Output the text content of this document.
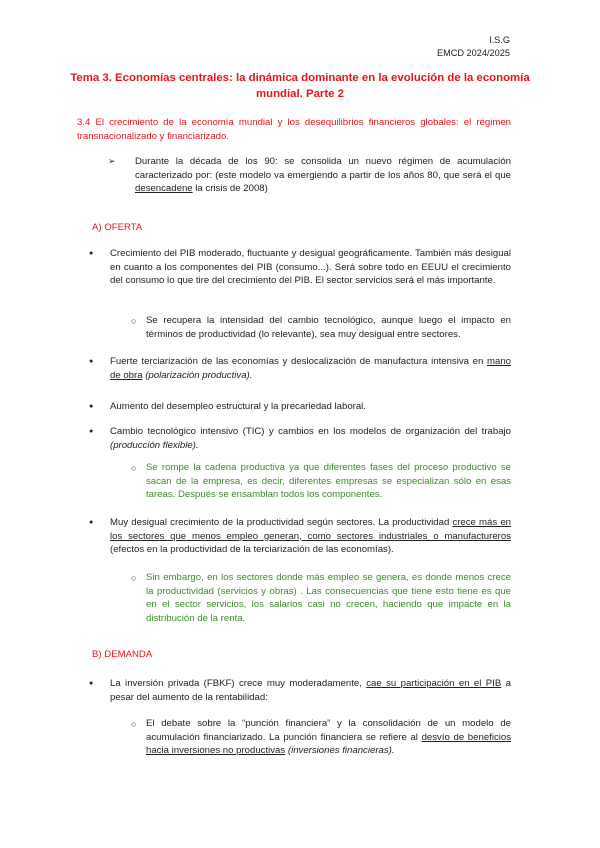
I.S.G
EMCD 2024/2025
Tema 3. Economías centrales: la dinámica dominante en la evolución de la economía mundial. Parte 2
3.4 El crecimiento de la economía mundial y los desequilibrios financieros globales: el régimen transnacionalizado y financiarizado.
➢ Durante la década de los 90: se consolida un nuevo régimen de acumulación caracterizado por: (este modelo va emergiendo a partir de los años 80, que será el que desencadene la crisis de 2008)
A) OFERTA
● Crecimiento del PIB moderado, fluctuante y desigual geográficamente. También más desigual en cuanto a los componentes del PIB (consumo...). Será sobre todo en EEUU el crecimiento del consumo lo que tire del crecimiento del PIB. El sector servicios será el más importante.
○ Se recupera la intensidad del cambio tecnológico, aunque luego el impacto en términos de productividad (lo relevante), sea muy desigual entre sectores.
● Fuerte terciarización de las economías y deslocalización de manufactura intensiva en mano de obra (polarización productiva).
● Aumento del desempleo estructural y la precariedad laboral.
● Cambio tecnológico intensivo (TIC) y cambios en los modelos de organización del trabajo (producción flexible).
○ Se rompe la cadena productiva ya que diferentes fases del proceso productivo se sacan de la empresa, es decir, diferentes empresas se especializan sólo en esas tareas. Después se ensamblan todos los componentes.
● Muy desigual crecimiento de la productividad según sectores. La productividad crece más en los sectores que menos empleo generan, como sectores industriales o manufactureros (efectos en la productividad de la terciarización de las economías).
○ Sin embargo, en los sectores donde más empleo se genera, es donde menos crece la productividad (servicios y obras) . Las consecuencias que tiene esto tiene es que en el sector servicios, los salarios casi no crecen, haciendo que impacte en la distribución de la renta.
B) DEMANDA
● La inversión privada (FBKF) crece muy moderadamente, cae su participación en el PIB a pesar del aumento de la rentabilidad:
○ El debate sobre la “punción financiera” y la consolidación de un modelo de acumulación financiarizado. La punción financiera se refiere al desvío de beneficios hacia inversiones no productivas (inversiones financieras).
